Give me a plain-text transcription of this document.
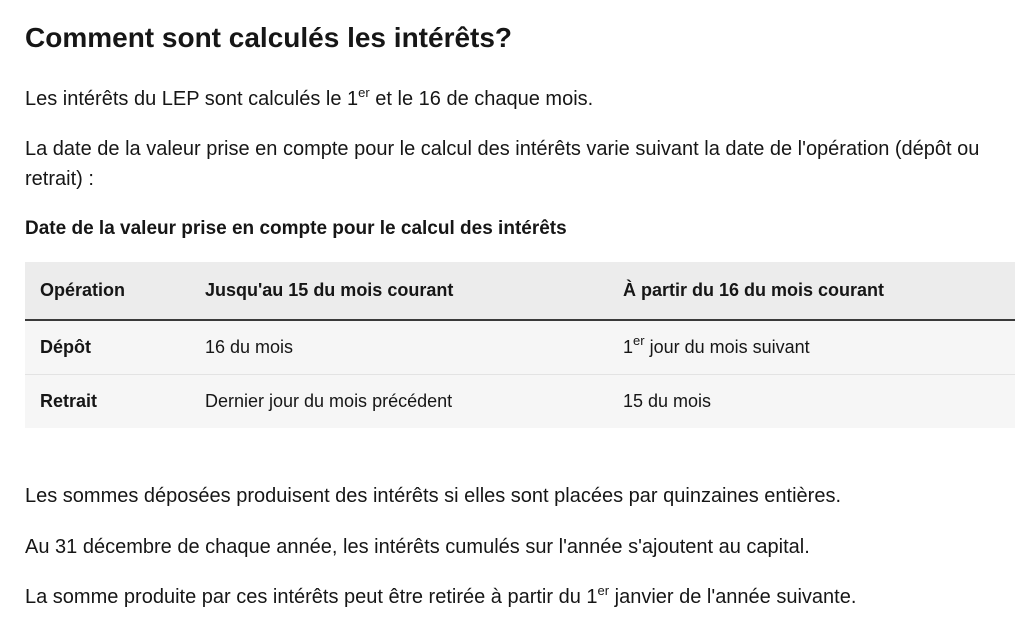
Comment sont calculés les intérêts?

Les intérêts du LEP sont calculés le 1er et le 16 de chaque mois.

La date de la valeur prise en compte pour le calcul des intérêts varie suivant la date de l'opération (dépôt ou retrait) :

Date de la valeur prise en compte pour le calcul des intérêts
Opération	Jusqu'au 15 du mois courant	À partir du 16 du mois courant
Dépôt	16 du mois	1er jour du mois suivant
Retrait	Dernier jour du mois précédent	15 du mois

Les sommes déposées produisent des intérêts si elles sont placées par quinzaines entières.

Au 31 décembre de chaque année, les intérêts cumulés sur l'année s'ajoutent au capital.

La somme produite par ces intérêts peut être retirée à partir du 1er janvier de l'année suivante.
